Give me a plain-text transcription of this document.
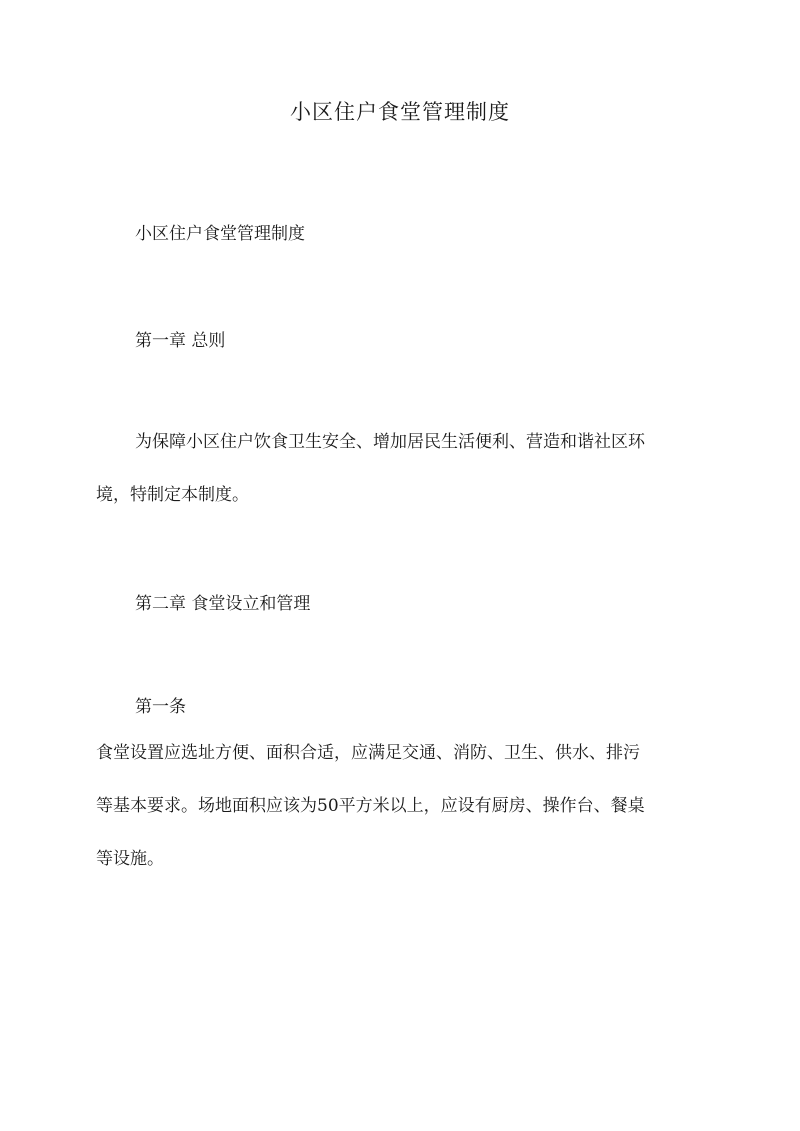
小区住户食堂管理制度

小区住户食堂管理制度

第一章 总则

为保障小区住户饮食卫生安全、增加居民生活便利、营造和谐社区环
境，特制定本制度。

第二章 食堂设立和管理

第一条

食堂设置应选址方便、面积合适，应满足交通、消防、卫生、供水、排污
等基本要求。场地面积应该为50平方米以上，应设有厨房、操作台、餐桌
等设施。
